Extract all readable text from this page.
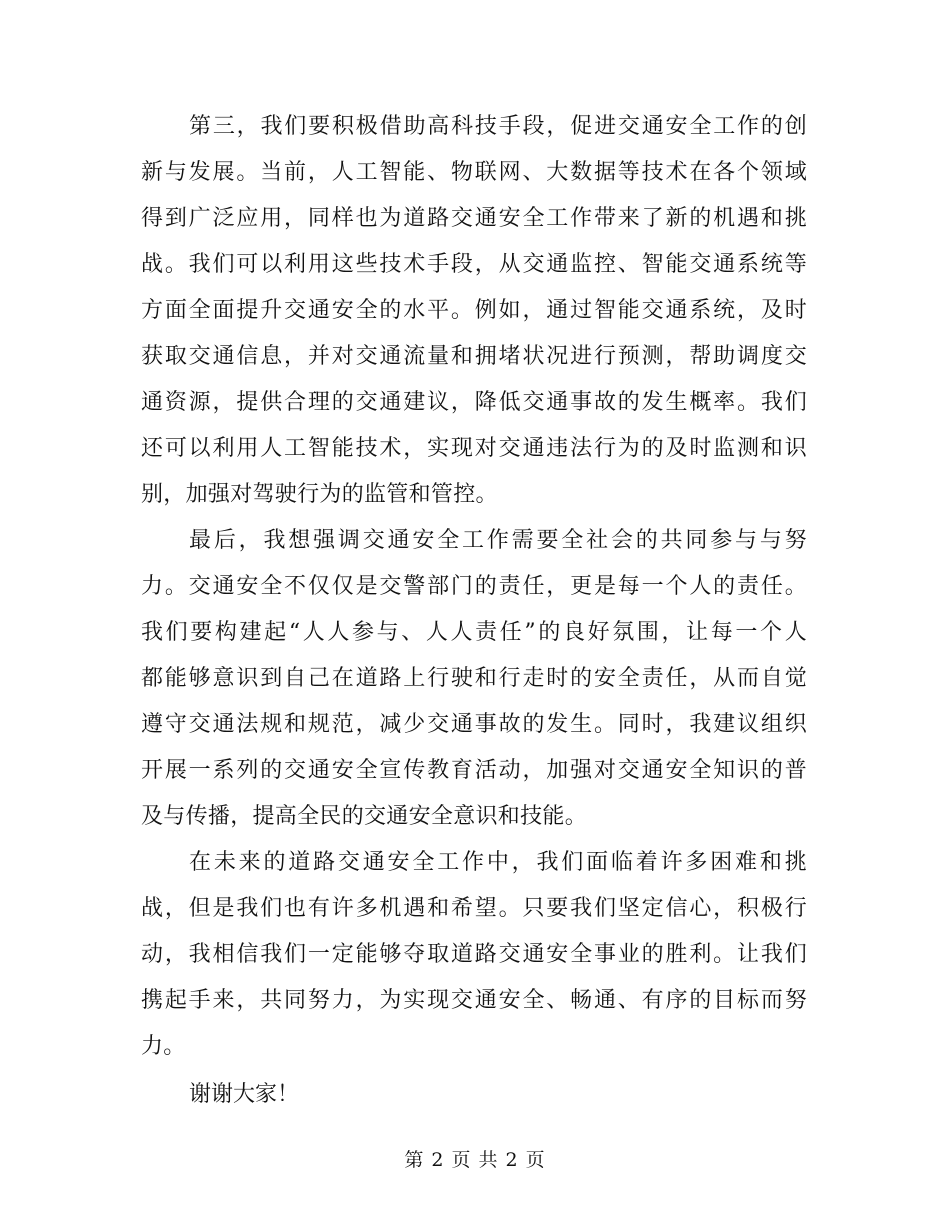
第三，我们要积极借助高科技手段，促进交通安全工作的创
新与发展。当前，人工智能、物联网、大数据等技术在各个领域
得到广泛应用，同样也为道路交通安全工作带来了新的机遇和挑
战。我们可以利用这些技术手段，从交通监控、智能交通系统等
方面全面提升交通安全的水平。例如，通过智能交通系统，及时
获取交通信息，并对交通流量和拥堵状况进行预测，帮助调度交
通资源，提供合理的交通建议，降低交通事故的发生概率。我们
还可以利用人工智能技术，实现对交通违法行为的及时监测和识
别，加强对驾驶行为的监管和管控。
最后，我想强调交通安全工作需要全社会的共同参与与努
力。交通安全不仅仅是交警部门的责任，更是每一个人的责任。
我们要构建起“人人参与、人人责任”的良好氛围，让每一个人
都能够意识到自己在道路上行驶和行走时的安全责任，从而自觉
遵守交通法规和规范，减少交通事故的发生。同时，我建议组织
开展一系列的交通安全宣传教育活动，加强对交通安全知识的普
及与传播，提高全民的交通安全意识和技能。
在未来的道路交通安全工作中，我们面临着许多困难和挑
战，但是我们也有许多机遇和希望。只要我们坚定信心，积极行
动，我相信我们一定能够夺取道路交通安全事业的胜利。让我们
携起手来，共同努力，为实现交通安全、畅通、有序的目标而努
力。
谢谢大家！
第 2 页 共 2 页
